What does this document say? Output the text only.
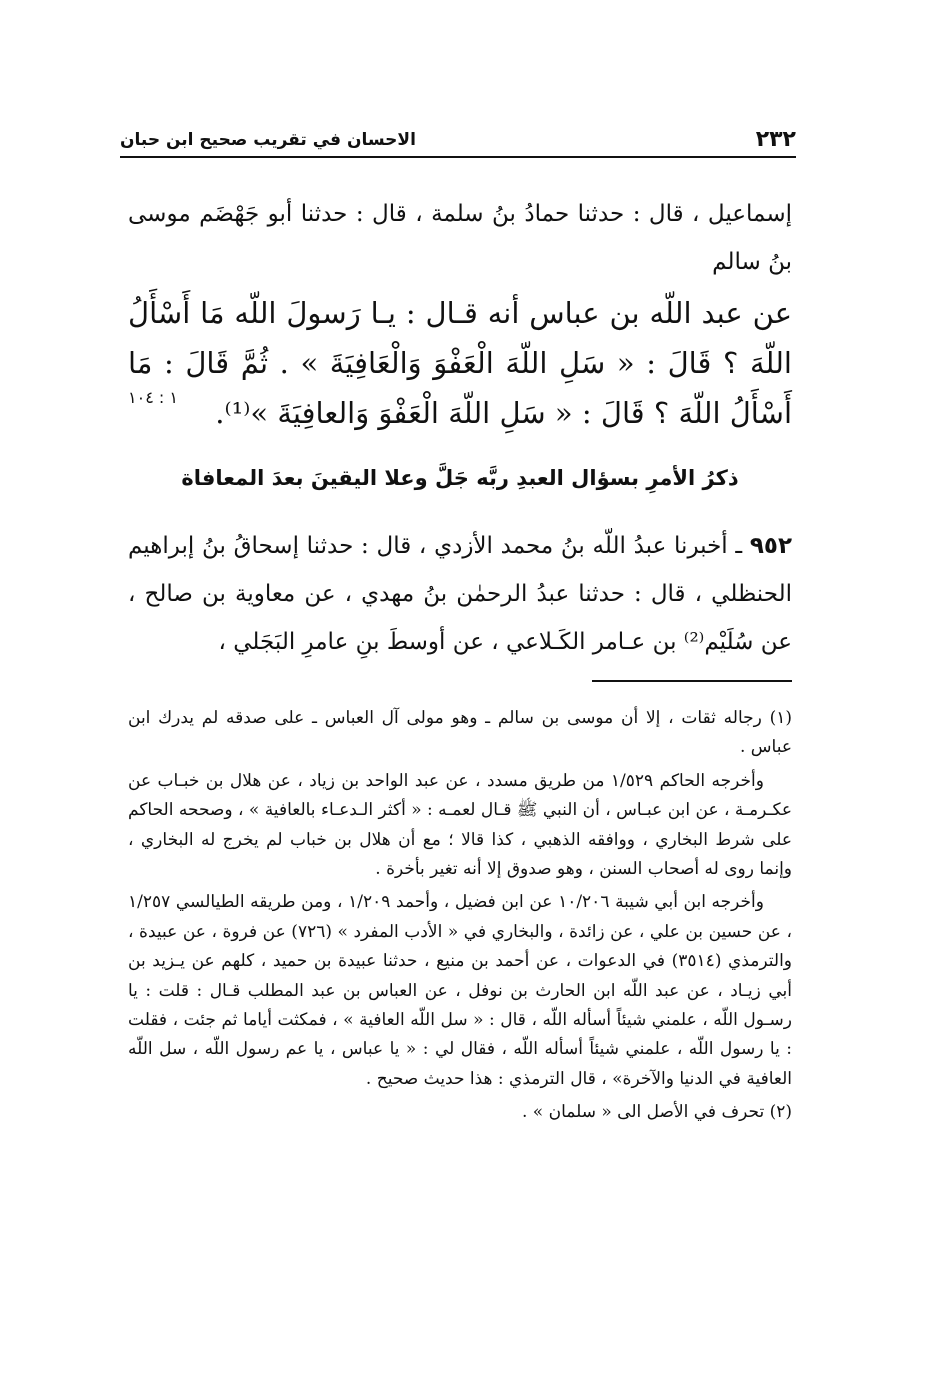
٢٣٢
الاحسان في تقريب صحيح ابن حبان
إسماعيل ، قال : حدثنا حمادُ بنُ سلمة ، قال : حدثنا أبو جَهْضَم موسى بنُ سالم
عن عبد اللّه بن عباس أنه قـال : يـا رَسولَ اللّه مَا أَسْأَلُ اللّهَ ؟ قَالَ : « سَلِ اللّهَ الْعَفْوَ وَالْعَافِيَةَ » . ثُمَّ قَالَ : مَا أَسْأَلُ اللّهَ ؟ قَالَ : « سَلِ اللّهَ الْعَفْوَ وَالعافِيَةَ »⁽¹⁾.
١ : ١٠٤
ذكرُ الأمرِ بسؤال العبدِ ربَّه جَلَّ وعلا اليقينَ بعدَ المعافاة
٩٥٢ ـ أخبرنا عبدُ اللّه بنُ محمد الأزدي ، قال : حدثنا إسحاقُ بنُ إبراهيم الحنظلي ، قال : حدثنا عبدُ الرحمٰن بنُ مهدي ، عن معاوية بن صالح ، عن سُلَيْم⁽²⁾ بن عـامر الكَـلاعي ، عن أوسطَ بنِ عامرِ البَجَلي ،

(١) رجاله ثقات ، إلا أن موسى بن سالم ـ وهو مولى آل العباس ـ على صدقه لم يدرك ابن عباس .

وأخرجه الحاكم ١/٥٢٩ من طريق مسدد ، عن عبد الواحد بن زياد ، عن هلال بن خبـاب عن عكـرمـة ، عن ابن عبـاس ، أن النبي ﷺ قـال لعمـه : « أكثر الـدعـاء بالعافية » ، وصححه الحاكم على شرط البخاري ، ووافقه الذهبي ، كذا قالا ؛ مع أن هلال بن خباب لم يخرج له البخاري ، وإنما روى له أصحاب السنن ، وهو صدوق إلا أنه تغير بأخرة .

وأخرجه ابن أبي شيبة ١٠/٢٠٦ عن ابن فضيل ، وأحمد ١/٢٠٩ ، ومن طريقه الطيالسي ١/٢٥٧ ، عن حسين بن علي ، عن زائدة ، والبخاري في « الأدب المفرد » (٧٢٦) عن فروة ، عن عبيدة ، والترمذي (٣٥١٤) في الدعوات ، عن أحمد بن منيع ، حدثنا عبيدة بن حميد ، كلهم عن يـزيد بن أبي زيـاد ، عن عبد اللّه ابن الحارث بن نوفل ، عن العباس بن عبد المطلب قـال : قلت : يا رسـول اللّه ، علمني شيئاً أسأله اللّه ، قال : « سل اللّه العافية » ، فمكثت أياما ثم جئت ، فقلت : يا رسول اللّه ، علمني شيئاً أسأله اللّه ، فقال لي : « يا عباس ، يا عم رسول اللّه ، سل اللّه العافية في الدنيا والآخرة» ، قال الترمذي : هذا حديث صحيح .

(٢) تحرف في الأصل الى « سلمان » .
